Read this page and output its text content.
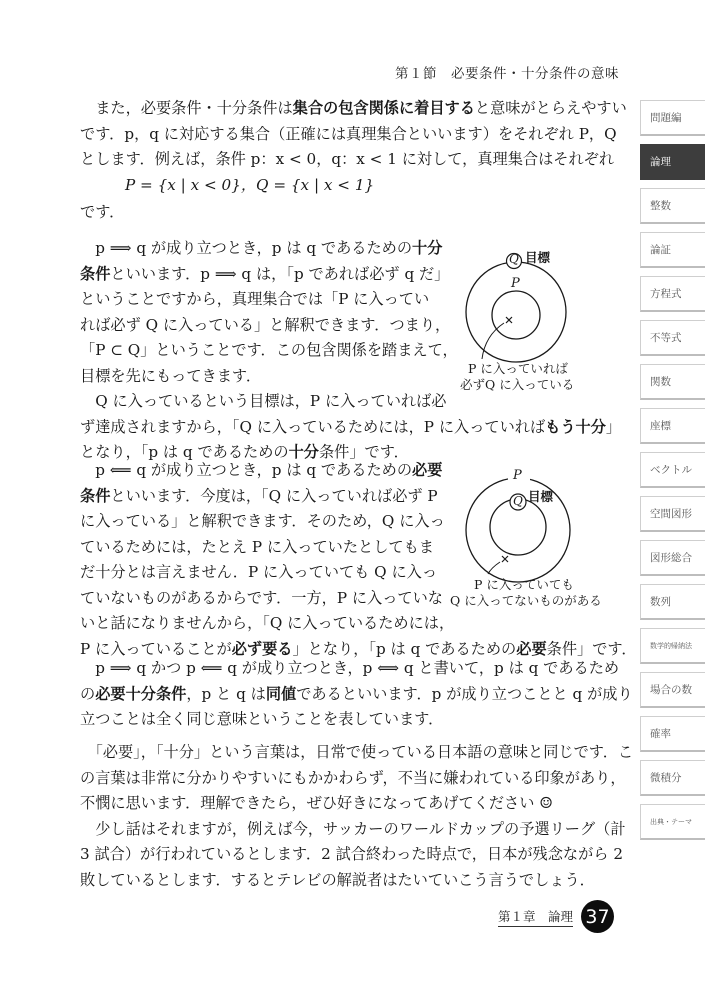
第１節　必要条件・十分条件の意味
　また，必要条件・十分条件は集合の包含関係に着目すると意味がとらえやすい
です．p，q に対応する集合（正確には真理集合といいます）をそれぞれ P，Q
とします．例えば，条件 p：x < 0，q：x < 1 に対して，真理集合はそれぞれ
P = {x | x < 0}，Q = {x | x < 1}
です．
　p ⟹ q が成り立つとき，p は q であるための十分
条件といいます．p ⟹ q は，「p であれば必ず q だ」
ということですから，真理集合では「P に入ってい
れば必ず Q に入っている」と解釈できます．つまり，
「P ⊂ Q」ということです．この包含関係を踏まえて，
目標を先にもってきます．
　Q に入っているという目標は，P に入っていれば必
ず達成されますから，「Q に入っているためには，P に入っていればもう十分」
となり，「p は q であるための十分条件」です．
Q 目標
P
P に入っていれば
必ずQ に入っている
　p ⟸ q が成り立つとき，p は q であるための必要
条件といいます．今度は，「Q に入っていれば必ず P
に入っている」と解釈できます．そのため，Q に入っ
ているためには，たとえ P に入っていたとしてもま
だ十分とは言えません．P に入っていても Q に入っ
ていないものがあるからです．一方，P に入っていな
いと話になりませんから，「Q に入っているためには，
P に入っていることが必ず要る」となり，「p は q であるための必要条件」です．
P
Q 目標
P に入っていても
Q に入ってないものがある
　p ⟹ q かつ p ⟸ q が成り立つとき，p ⟺ q と書いて，p は q であるため
の必要十分条件，p と q は同値であるといいます．p が成り立つことと q が成り
立つことは全く同じ意味ということを表しています．
　「必要」，「十分」という言葉は，日常で使っている日本語の意味と同じです．こ
の言葉は非常に分かりやすいにもかかわらず，不当に嫌われている印象があり，
不憫に思います．理解できたら，ぜひ好きになってあげてください ☺
　少し話はそれますが，例えば今，サッカーのワールドカップの予選リーグ（計
3 試合）が行われているとします．2 試合終わった時点で，日本が残念ながら 2
敗しているとします．するとテレビの解説者はたいていこう言うでしょう．
問題編
論理
整数
論証
方程式
不等式
関数
座標
ベクトル
空間図形
図形総合
数列
数学的帰納法
場合の数
確率
微積分
出典・テーマ
第１章　論理 37
